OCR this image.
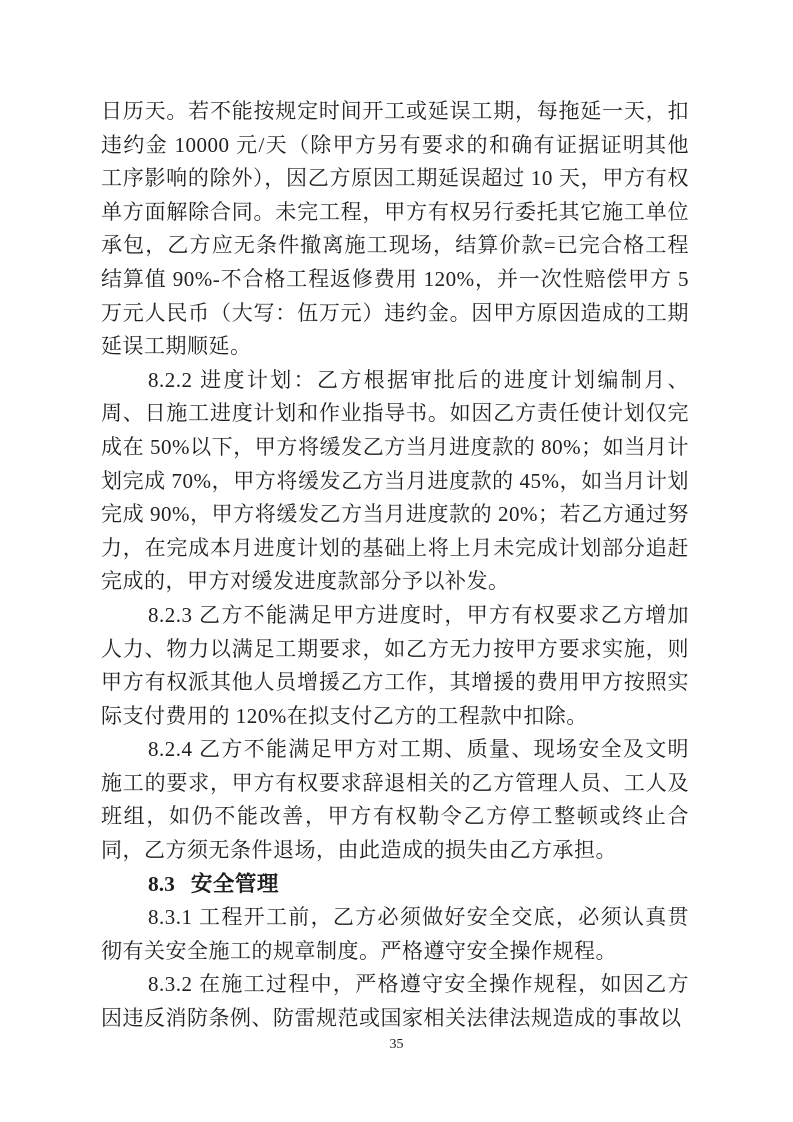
日历天。若不能按规定时间开工或延误工期，每拖延一天，扣违约金 10000 元/天（除甲方另有要求的和确有证据证明其他工序影响的除外），因乙方原因工期延误超过 10 天，甲方有权单方面解除合同。未完工程，甲方有权另行委托其它施工单位承包，乙方应无条件撤离施工现场，结算价款=已完合格工程结算值 90%-不合格工程返修费用 120%，并一次性赔偿甲方 5 万元人民币（大写：伍万元）违约金。因甲方原因造成的工期延误工期顺延。

8.2.2 进度计划：乙方根据审批后的进度计划编制月、周、日施工进度计划和作业指导书。如因乙方责任使计划仅完成在 50%以下，甲方将缓发乙方当月进度款的 80%；如当月计划完成 70%，甲方将缓发乙方当月进度款的 45%，如当月计划完成 90%，甲方将缓发乙方当月进度款的 20%；若乙方通过努力，在完成本月进度计划的基础上将上月未完成计划部分追赶完成的，甲方对缓发进度款部分予以补发。

8.2.3 乙方不能满足甲方进度时，甲方有权要求乙方增加人力、物力以满足工期要求，如乙方无力按甲方要求实施，则甲方有权派其他人员增援乙方工作，其增援的费用甲方按照实际支付费用的 120%在拟支付乙方的工程款中扣除。

8.2.4 乙方不能满足甲方对工期、质量、现场安全及文明施工的要求，甲方有权要求辞退相关的乙方管理人员、工人及班组，如仍不能改善，甲方有权勒令乙方停工整顿或终止合同，乙方须无条件退场，由此造成的损失由乙方承担。

8.3 安全管理

8.3.1 工程开工前，乙方必须做好安全交底，必须认真贯彻有关安全施工的规章制度。严格遵守安全操作规程。

8.3.2 在施工过程中，严格遵守安全操作规程，如因乙方因违反消防条例、防雷规范或国家相关法律法规造成的事故以

35
